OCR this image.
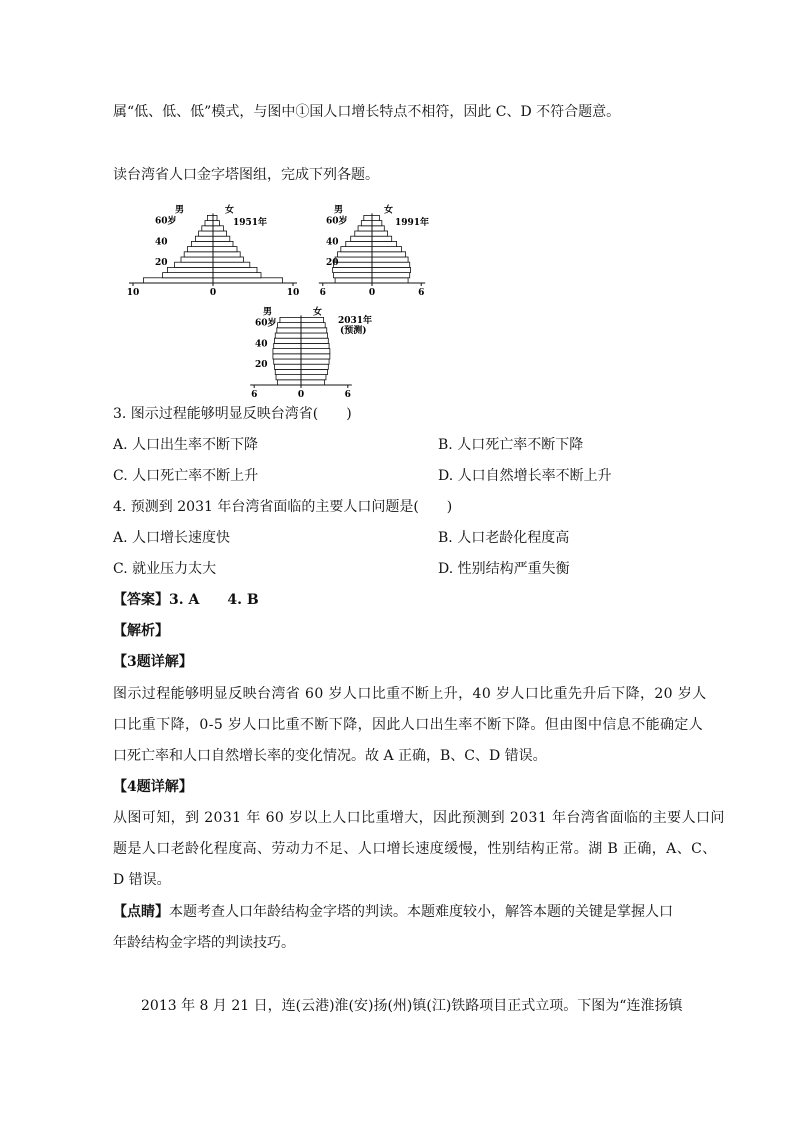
属“低、低、低”模式，与图中①国人口增长特点不相符，因此 C、D 不符合题意。
读台湾省人口金字塔图组，完成下列各题。
10	0	10
男	女
60岁
40
20
1951年
6	0	6
男	女
60岁
40
20
1991年
6	0	6
男	女
60岁
40
20
2031年
(预测)
3. 图示过程能够明显反映台湾省(　　)
A. 人口出生率不断下降	B. 人口死亡率不断下降
C. 人口死亡率不断上升	D. 人口自然增长率不断上升
4. 预测到 2031 年台湾省面临的主要人口问题是(　　)
A. 人口增长速度快	B. 人口老龄化程度高
C. 就业压力太大	D. 性别结构严重失衡
【答案】3. A　　4. B
【解析】
【3题详解】
图示过程能够明显反映台湾省 60 岁人口比重不断上升，40 岁人口比重先升后下降，20 岁人
口比重下降，0-5 岁人口比重不断下降，因此人口出生率不断下降。但由图中信息不能确定人
口死亡率和人口自然增长率的变化情况。故 A 正确，B、C、D 错误。
【4题详解】
从图可知，到 2031 年 60 岁以上人口比重增大，因此预测到 2031 年台湾省面临的主要人口问
题是人口老龄化程度高、劳动力不足、人口增长速度缓慢，性别结构正常。湖 B 正确，A、C、
D 错误。
【点睛】本题考查人口年龄结构金字塔的判读。本题难度较小，解答本题的关键是掌握人口
年龄结构金字塔的判读技巧。
2013 年 8 月 21 日，连(云港)淮(安)扬(州)镇(江)铁路项目正式立项。下图为“连淮扬镇
